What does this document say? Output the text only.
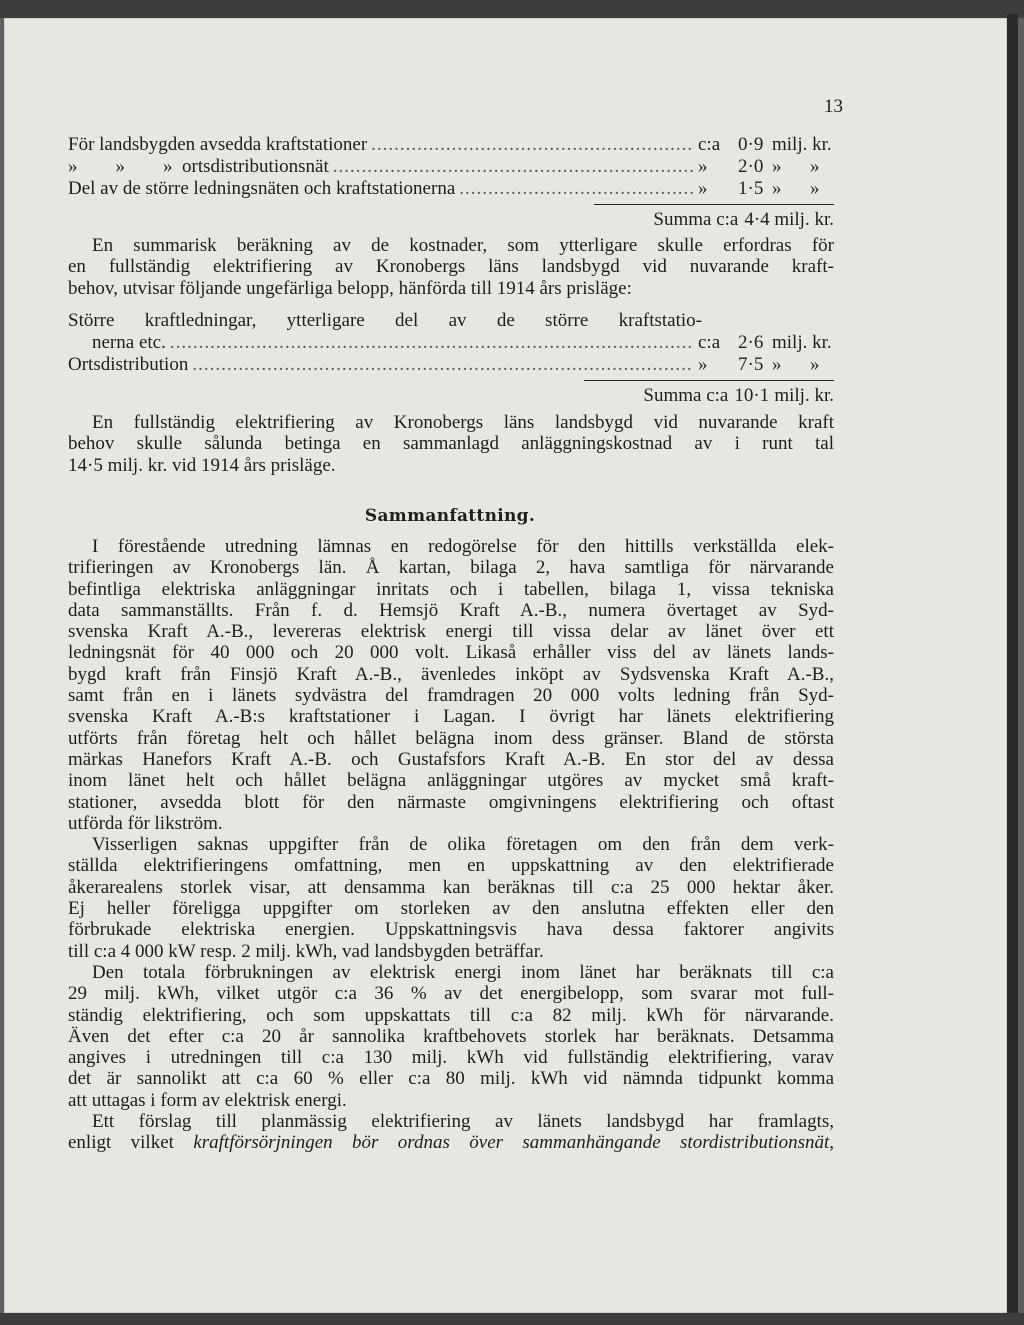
13
För landsbygden avsedda kraftstationer .....	c:a 0·9 milj. kr.
»        »        »  ortsdistributionsnät .....	»	2·0 »      »
Del av de större ledningsnäten och kraftstationerna .....	»	1·5 »      »
Summa c:a 4·4 milj. kr.
En summarisk beräkning av de kostnader, som ytterligare skulle erfordras för
en fullständig elektrifiering av Kronobergs läns landsbygd vid nuvarande kraft-
behov, utvisar följande ungefärliga belopp, hänförda till 1914 års prisläge:
Större kraftledningar, ytterligare del av de större kraftstatio-
nerna etc. .....	c:a 2·6 milj. kr.
Ortsdistribution .....	»	7·5 »      »
Summa c:a 10·1 milj. kr.
En fullständig elektrifiering av Kronobergs läns landsbygd vid nuvarande kraft
behov skulle sålunda betinga en sammanlagd anläggningskostnad av i runt tal
14·5 milj. kr. vid 1914 års prisläge.
Sammanfattning.
I förestående utredning lämnas en redogörelse för den hittills verkställda elek-
trifieringen av Kronobergs län. Å kartan, bilaga 2, hava samtliga för närvarande
befintliga elektriska anläggningar inritats och i tabellen, bilaga 1, vissa tekniska
data sammanställts. Från f. d. Hemsjö Kraft A.-B., numera övertaget av Syd-
svenska Kraft A.-B., levereras elektrisk energi till vissa delar av länet över ett
ledningsnät för 40 000 och 20 000 volt. Likaså erhåller viss del av länets lands-
bygd kraft från Finsjö Kraft A.-B., ävenledes inköpt av Sydsvenska Kraft A.-B.,
samt från en i länets sydvästra del framdragen 20 000 volts ledning från Syd-
svenska Kraft A.-B:s kraftstationer i Lagan. I övrigt har länets elektrifiering
utförts från företag helt och hållet belägna inom dess gränser. Bland de största
märkas Hanefors Kraft A.-B. och Gustafsfors Kraft A.-B. En stor del av dessa
inom länet helt och hållet belägna anläggningar utgöres av mycket små kraft-
stationer, avsedda blott för den närmaste omgivningens elektrifiering och oftast
utförda för likström.
Visserligen saknas uppgifter från de olika företagen om den från dem verk-
ställda elektrifieringens omfattning, men en uppskattning av den elektrifierade
åkerarealens storlek visar, att densamma kan beräknas till c:a 25 000 hektar åker.
Ej heller föreligga uppgifter om storleken av den anslutna effekten eller den
förbrukade elektriska energien. Uppskattningsvis hava dessa faktorer angivits
till c:a 4 000 kW resp. 2 milj. kWh, vad landsbygden beträffar.
Den totala förbrukningen av elektrisk energi inom länet har beräknats till c:a
29 milj. kWh, vilket utgör c:a 36 % av det energibelopp, som svarar mot full-
ständig elektrifiering, och som uppskattats till c:a 82 milj. kWh för närvarande.
Även det efter c:a 20 år sannolika kraftbehovets storlek har beräknats. Detsamma
angives i utredningen till c:a 130 milj. kWh vid fullständig elektrifiering, varav
det är sannolikt att c:a 60 % eller c:a 80 milj. kWh vid nämnda tidpunkt komma
att uttagas i form av elektrisk energi.
Ett förslag till planmässig elektrifiering av länets landsbygd har framlagts,
enligt vilket kraftförsörjningen bör ordnas över sammanhängande stordistributionsnät,
